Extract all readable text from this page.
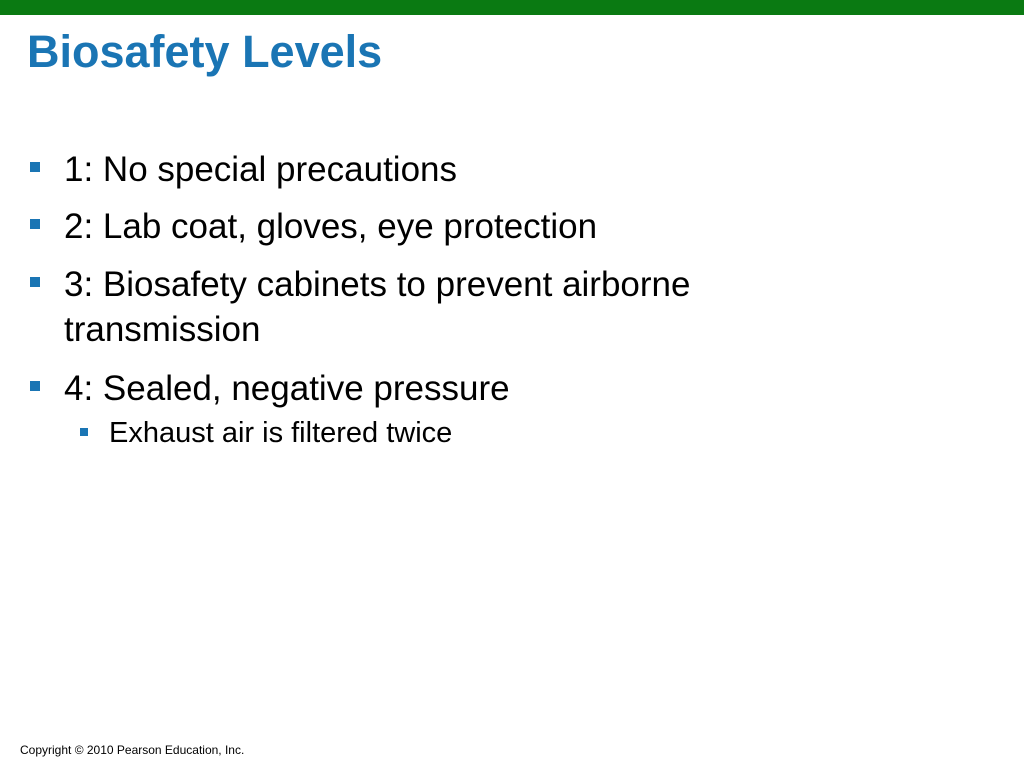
Biosafety Levels
1: No special precautions
2: Lab coat, gloves, eye protection
3: Biosafety cabinets to prevent airborne transmission
4: Sealed, negative pressure
Exhaust air is filtered twice
Copyright © 2010 Pearson Education, Inc.
